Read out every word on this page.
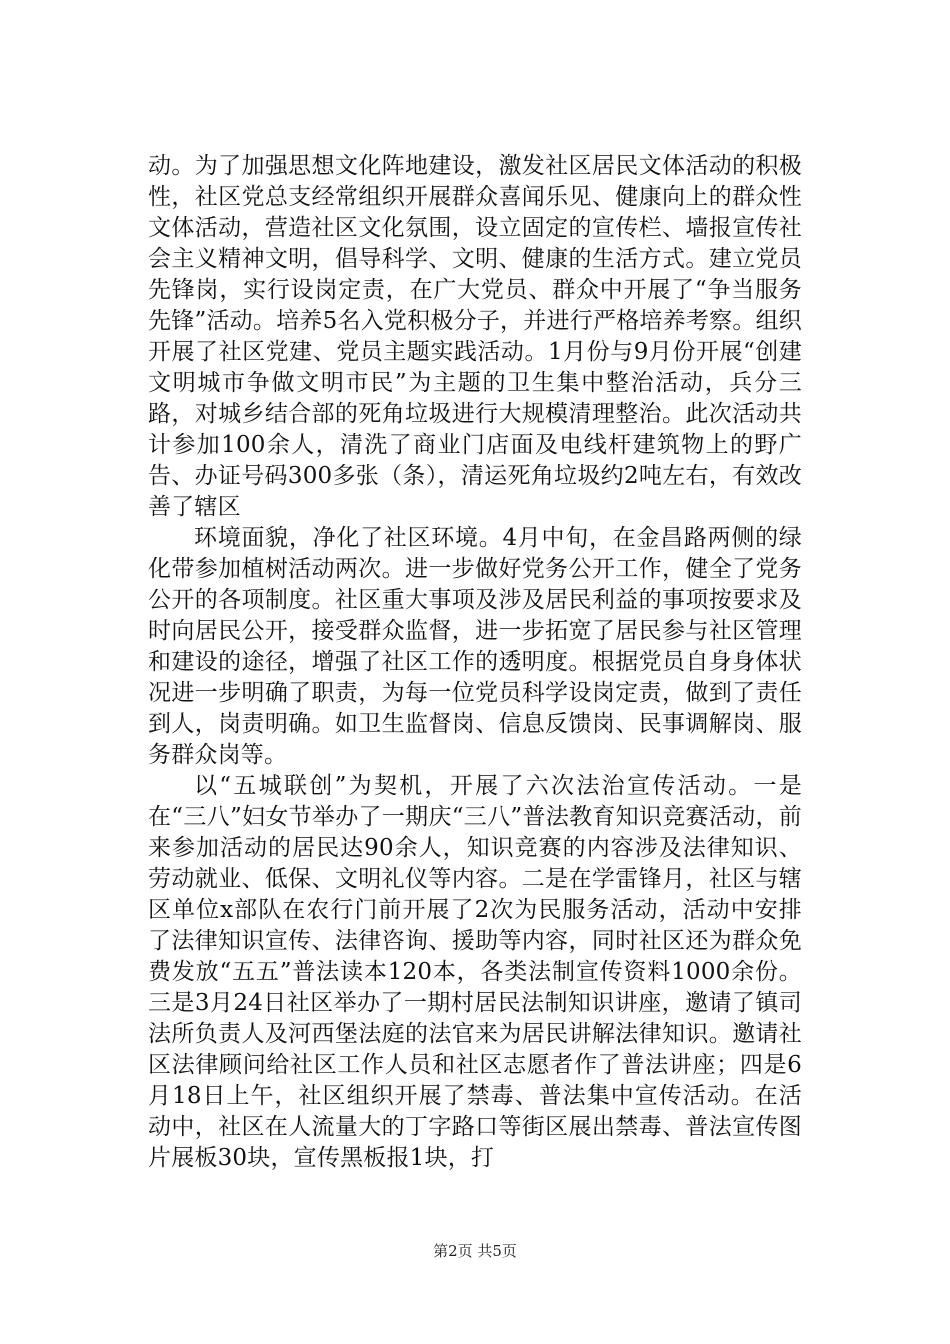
动。为了加强思想文化阵地建设，激发社区居民文体活动的积极性，社区党总支经常组织开展群众喜闻乐见、健康向上的群众性文体活动，营造社区文化氛围，设立固定的宣传栏、墙报宣传社会主义精神文明，倡导科学、文明、健康的生活方式。建立党员先锋岗，实行设岗定责，在广大党员、群众中开展了“争当服务先锋”活动。培养5名入党积极分子，并进行严格培养考察。组织开展了社区党建、党员主题实践活动。1月份与9月份开展“创建文明城市争做文明市民”为主题的卫生集中整治活动，兵分三路，对城乡结合部的死角垃圾进行大规模清理整治。此次活动共计参加100余人，清洗了商业门店面及电线杆建筑物上的野广告、办证号码300多张（条），清运死角垃圾约2吨左右，有效改善了辖区

环境面貌，净化了社区环境。4月中旬，在金昌路两侧的绿化带参加植树活动两次。进一步做好党务公开工作，健全了党务公开的各项制度。社区重大事项及涉及居民利益的事项按要求及时向居民公开，接受群众监督，进一步拓宽了居民参与社区管理和建设的途径，增强了社区工作的透明度。根据党员自身身体状况进一步明确了职责，为每一位党员科学设岗定责，做到了责任到人，岗责明确。如卫生监督岗、信息反馈岗、民事调解岗、服务群众岗等。

以“五城联创”为契机，开展了六次法治宣传活动。一是在“三八”妇女节举办了一期庆“三八”普法教育知识竞赛活动，前来参加活动的居民达90余人，知识竞赛的内容涉及法律知识、劳动就业、低保、文明礼仪等内容。二是在学雷锋月，社区与辖区单位x部队在农行门前开展了2次为民服务活动，活动中安排了法律知识宣传、法律咨询、援助等内容，同时社区还为群众免费发放“五五”普法读本120本，各类法制宣传资料1000余份。三是3月24日社区举办了一期村居民法制知识讲座，邀请了镇司法所负责人及河西堡法庭的法官来为居民讲解法律知识。邀请社区法律顾问给社区工作人员和社区志愿者作了普法讲座；四是6月18日上午，社区组织开展了禁毒、普法集中宣传活动。在活动中，社区在人流量大的丁字路口等街区展出禁毒、普法宣传图片展板30块，宣传黑板报1块，打

第2页 共5页
